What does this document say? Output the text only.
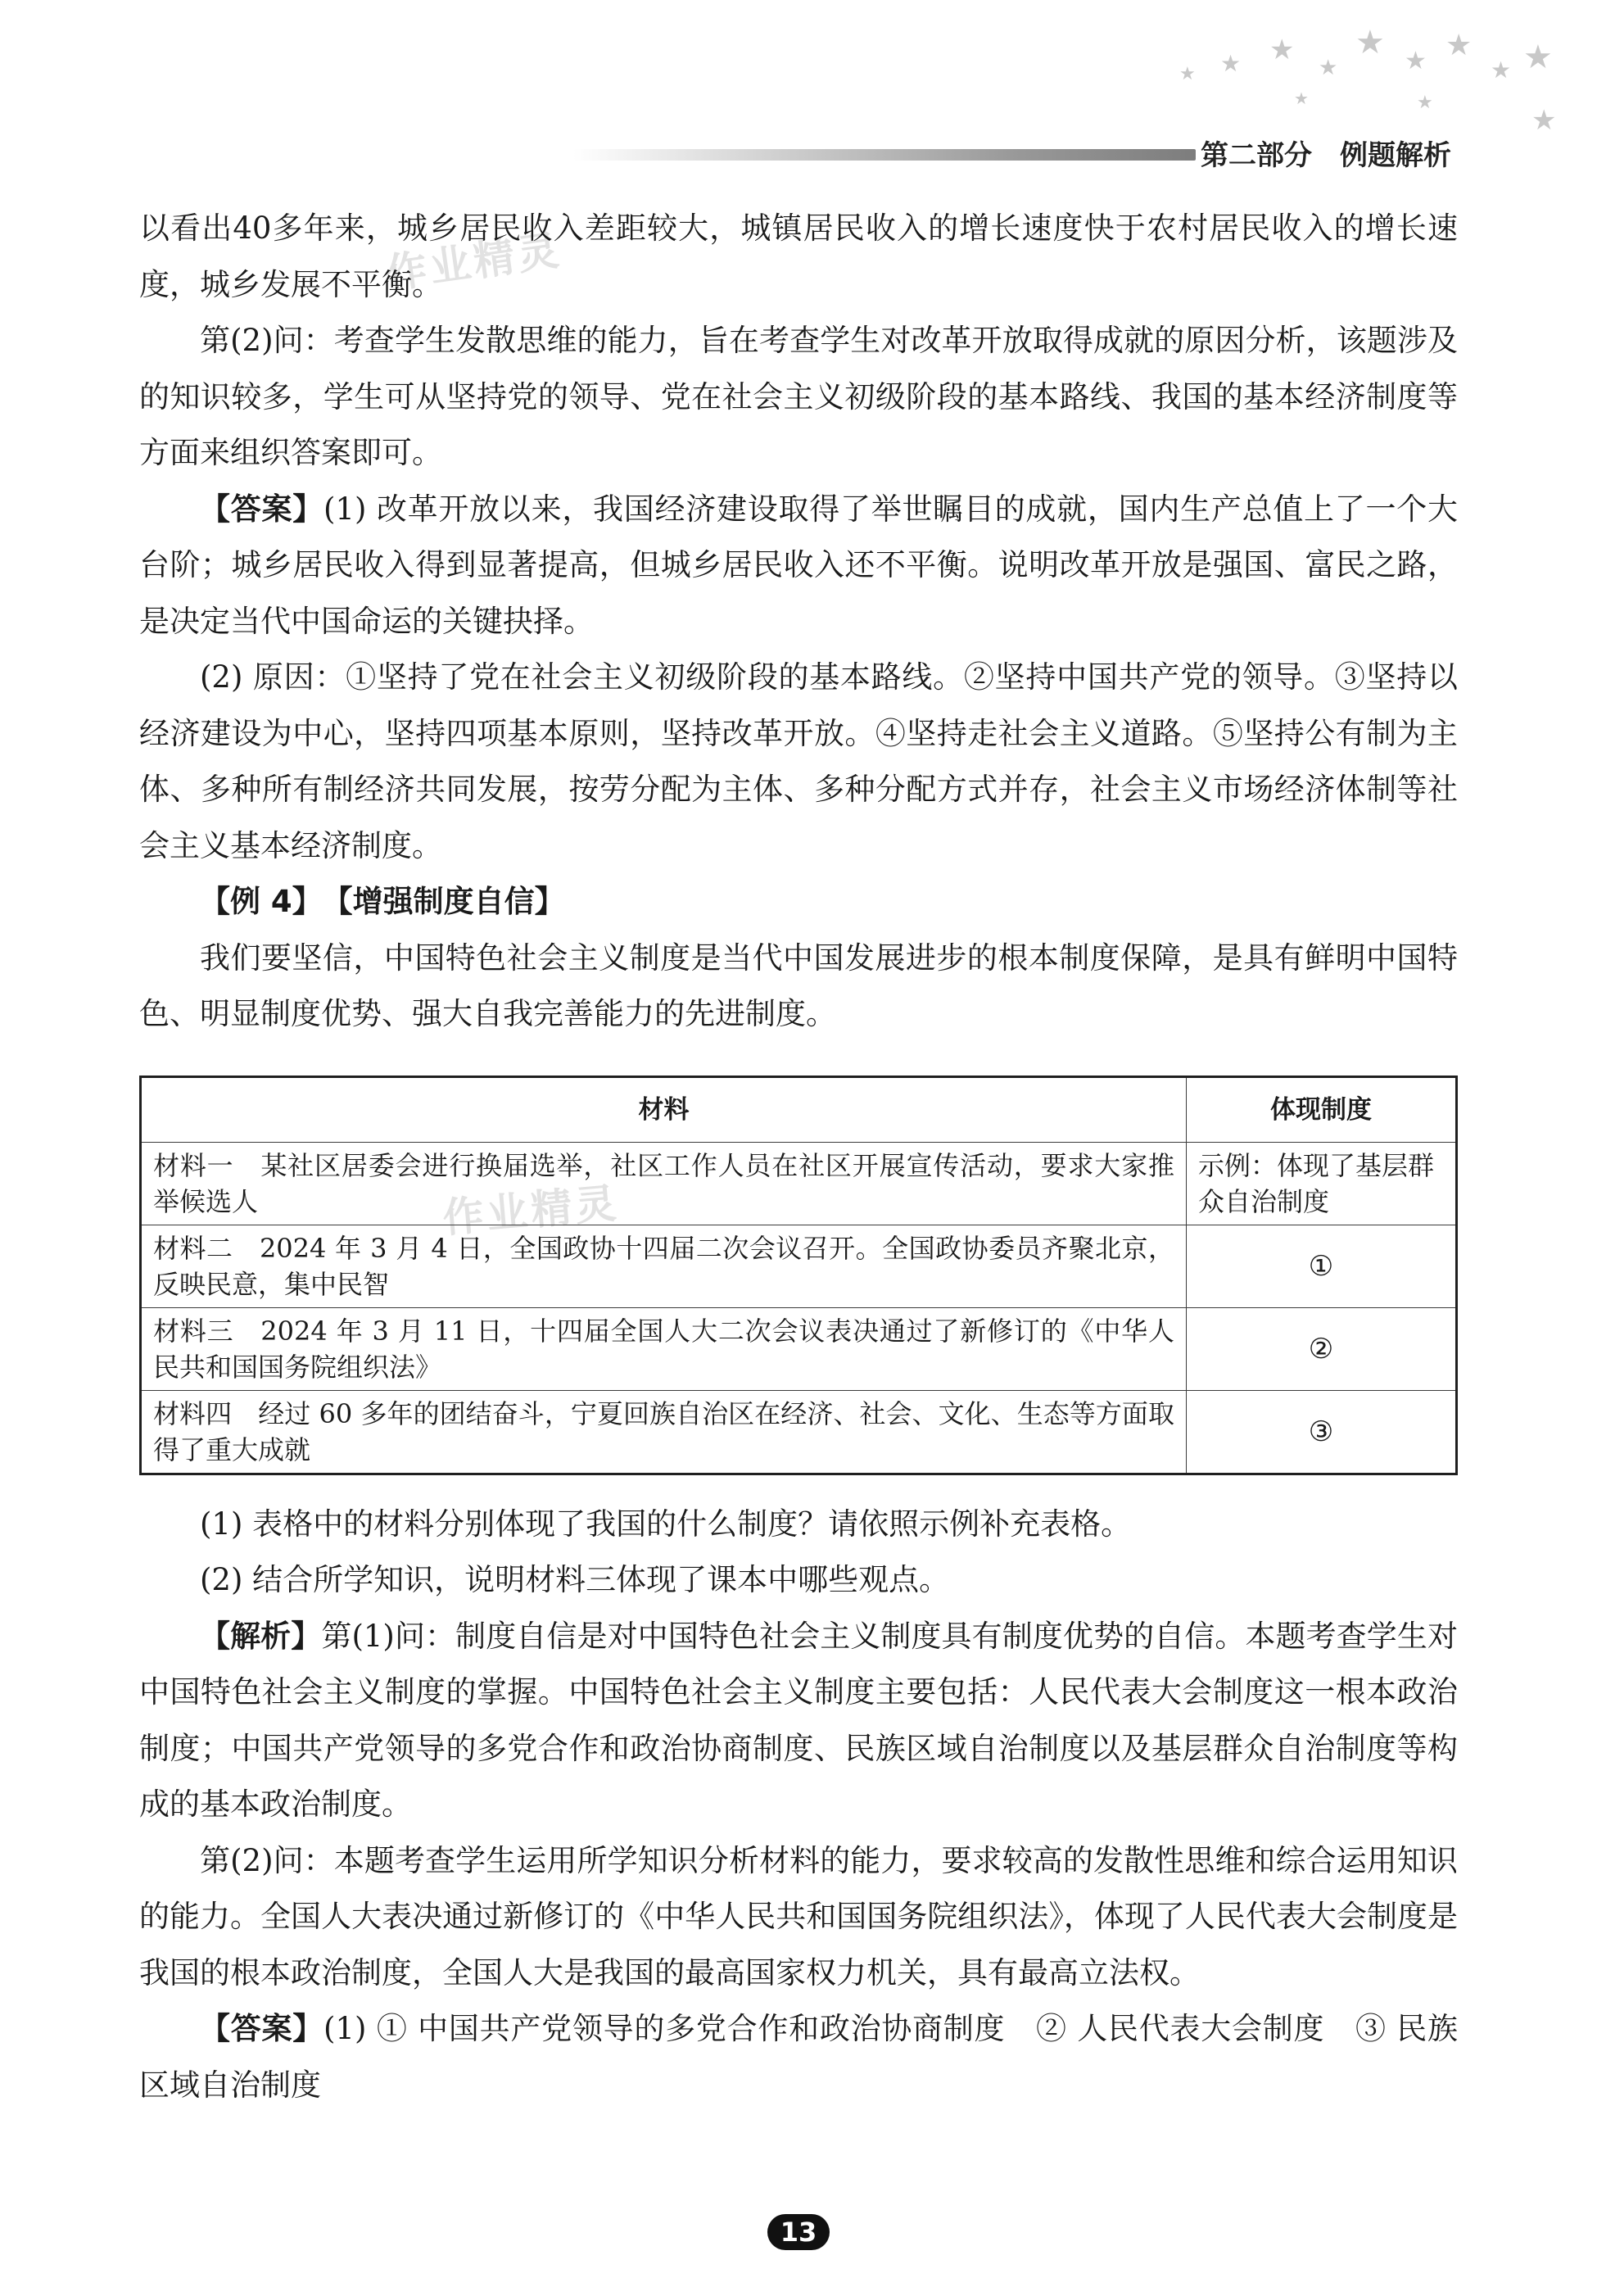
★ ★ ★
★
★ ★ ★
★ ★
★
★	★
第二部分　例题解析
作业精灵
作业精灵

以看出40多年来，城乡居民收入差距较大，城镇居民收入的增长速度快于农村居民收入的增长速度，城乡发展不平衡。

第(2)问：考查学生发散思维的能力，旨在考查学生对改革开放取得成就的原因分析，该题涉及的知识较多，学生可从坚持党的领导、党在社会主义初级阶段的基本路线、我国的基本经济制度等方面来组织答案即可。

【答案】(1) 改革开放以来，我国经济建设取得了举世瞩目的成就，国内生产总值上了一个大台阶；城乡居民收入得到显著提高，但城乡居民收入还不平衡。说明改革开放是强国、富民之路，是决定当代中国命运的关键抉择。

(2) 原因：①坚持了党在社会主义初级阶段的基本路线。②坚持中国共产党的领导。③坚持以经济建设为中心，坚持四项基本原则，坚持改革开放。④坚持走社会主义道路。⑤坚持公有制为主体、多种所有制经济共同发展，按劳分配为主体、多种分配方式并存，社会主义市场经济体制等社会主义基本经济制度。

【例 4】　 【增强制度自信】

我们要坚信，中国特色社会主义制度是当代中国发展进步的根本制度保障，是具有鲜明中国特色、明显制度优势、强大自我完善能力的先进制度。

材料	体现制度
材料一　某社区居委会进行换届选举，社区工作人员在社区开展宣传活动，要求大家推举候选人	示例：体现了基层群众自治制度
材料二　2024 年 3 月 4 日，全国政协十四届二次会议召开。全国政协委员齐聚北京，反映民意，集中民智	①
材料三　2024 年 3 月 11 日，十四届全国人大二次会议表决通过了新修订的《中华人民共和国国务院组织法》	②
材料四　经过 60 多年的团结奋斗，宁夏回族自治区在经济、社会、文化、生态等方面取得了重大成就	③

(1) 表格中的材料分别体现了我国的什么制度？请依照示例补充表格。

(2) 结合所学知识，说明材料三体现了课本中哪些观点。

【解析】第(1)问：制度自信是对中国特色社会主义制度具有制度优势的自信。本题考查学生对中国特色社会主义制度的掌握。中国特色社会主义制度主要包括：人民代表大会制度这一根本政治制度；中国共产党领导的多党合作和政治协商制度、民族区域自治制度以及基层群众自治制度等构成的基本政治制度。

第(2)问：本题考查学生运用所学知识分析材料的能力，要求较高的发散性思维和综合运用知识的能力。全国人大表决通过新修订的《中华人民共和国国务院组织法》，体现了人民代表大会制度是我国的根本政治制度，全国人大是我国的最高国家权力机关，具有最高立法权。

【答案】(1) ① 中国共产党领导的多党合作和政治协商制度　② 人民代表大会制度　③ 民族区域自治制度

13
